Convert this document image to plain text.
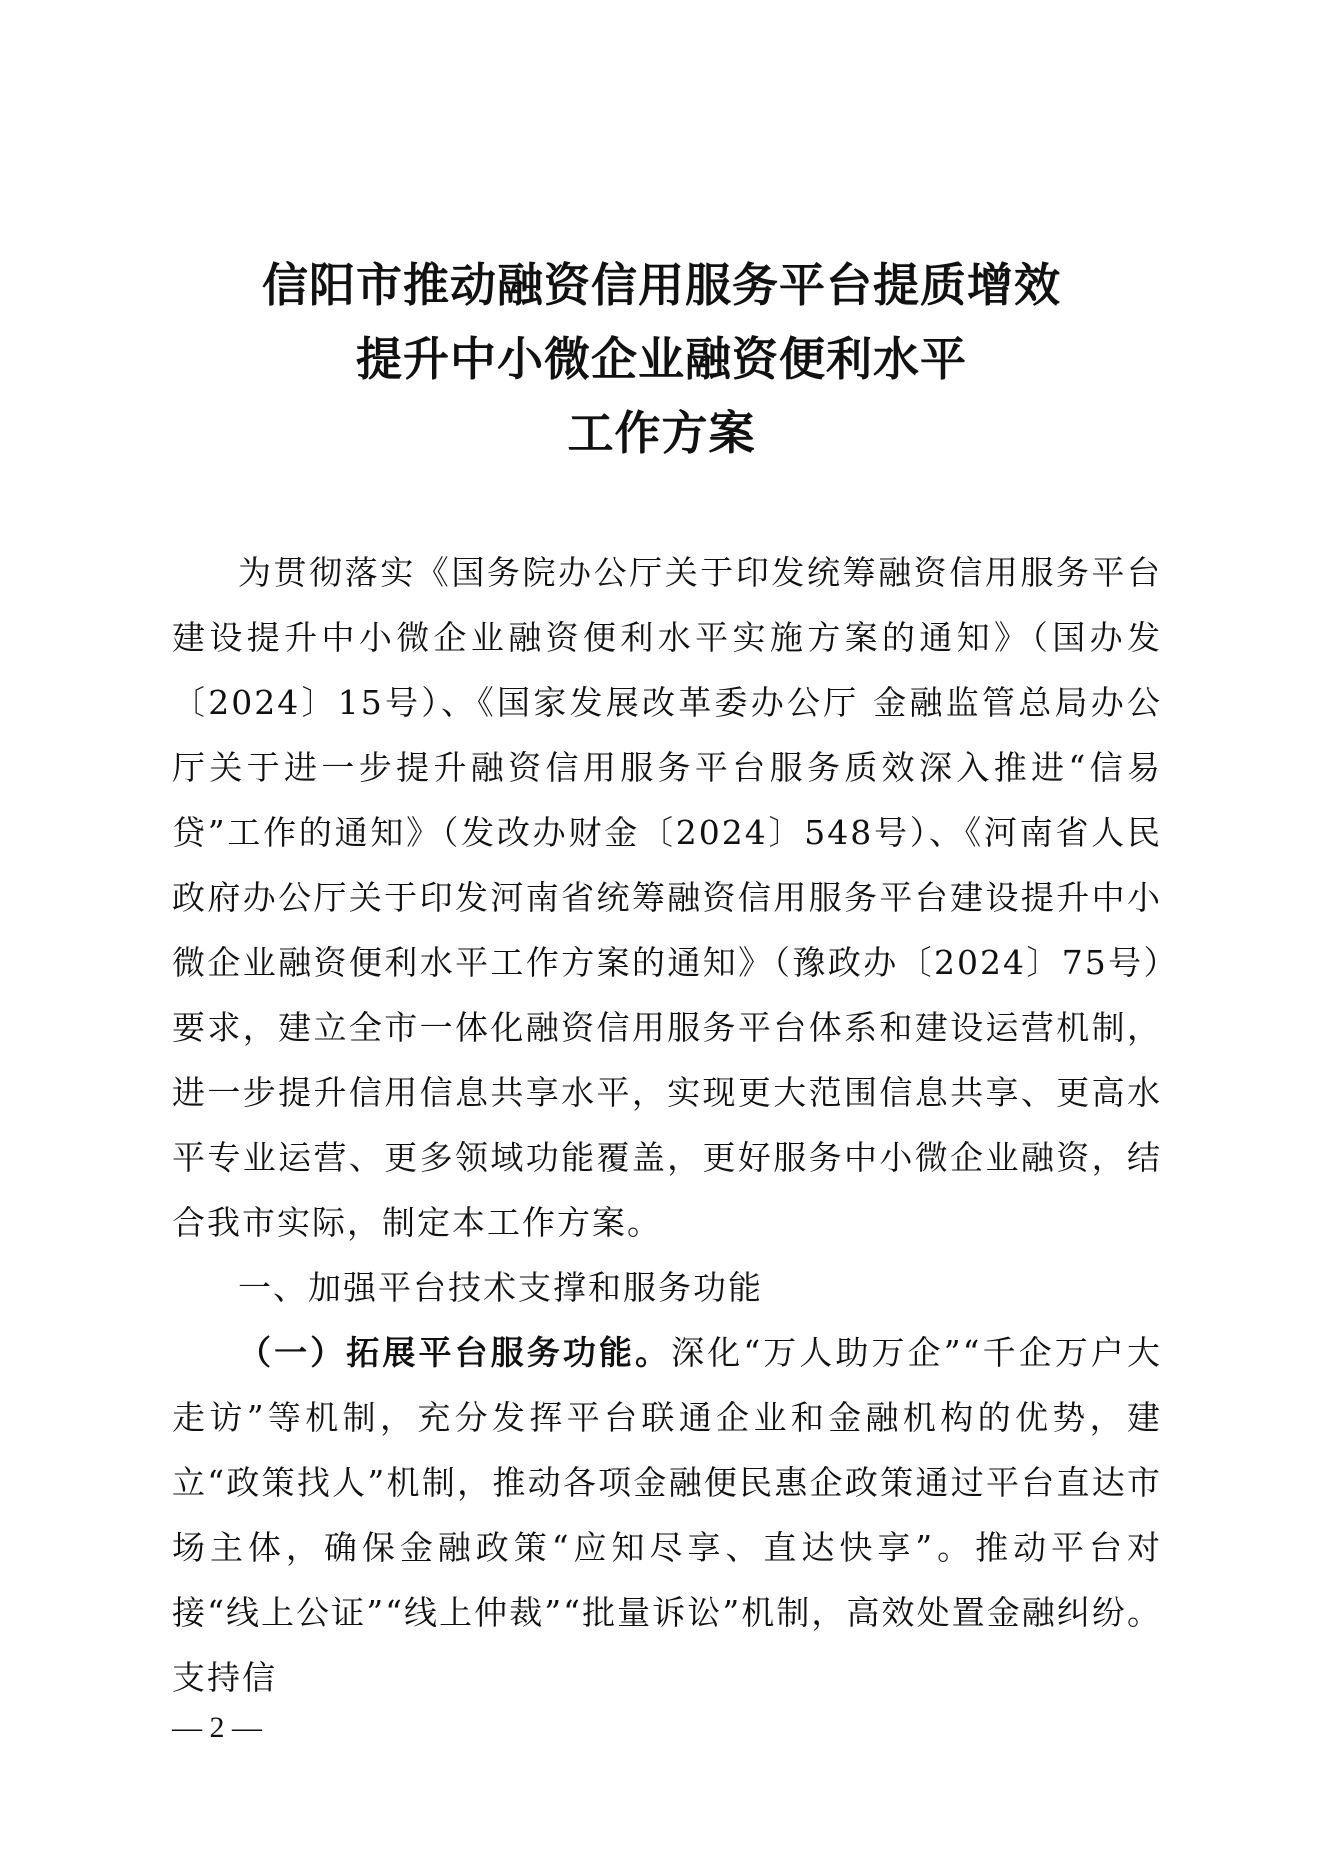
信阳市推动融资信用服务平台提质增效

提升中小微企业融资便利水平

工作方案

为贯彻落实《国务院办公厅关于印发统筹融资信用服务平台建设提升中小微企业融资便利水平实施方案的通知》（国办发〔2024〕15号）、《国家发展改革委办公厅 金融监管总局办公厅关于进一步提升融资信用服务平台服务质效深入推进“信易贷”工作的通知》（发改办财金〔2024〕548号）、《河南省人民政府办公厅关于印发河南省统筹融资信用服务平台建设提升中小微企业融资便利水平工作方案的通知》（豫政办〔2024〕75号）要求，建立全市一体化融资信用服务平台体系和建设运营机制，进一步提升信用信息共享水平，实现更大范围信息共享、更高水平专业运营、更多领域功能覆盖，更好服务中小微企业融资，结合我市实际，制定本工作方案。

一、加强平台技术支撑和服务功能

（一）拓展平台服务功能。深化“万人助万企”“千企万户大走访”等机制，充分发挥平台联通企业和金融机构的优势，建立“政策找人”机制，推动各项金融便民惠企政策通过平台直达市场主体，确保金融政策“应知尽享、直达快享”。推动平台对接“线上公证”“线上仲裁”“批量诉讼”机制，高效处置金融纠纷。支持信

— 2 —
